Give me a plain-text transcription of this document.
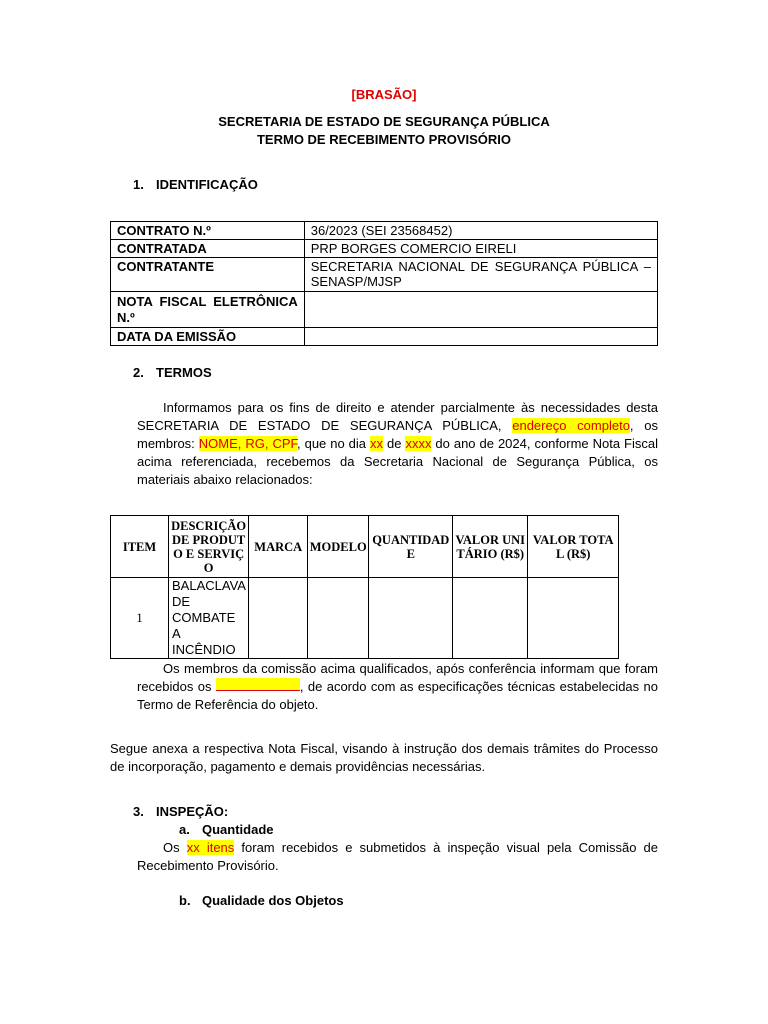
[BRASÃO]
SECRETARIA DE ESTADO DE SEGURANÇA PÚBLICA
TERMO DE RECEBIMENTO PROVISÓRIO
1. IDENTIFICAÇÃO
CONTRATO N.º	36/2023 (SEI 23568452)
CONTRATADA	PRP BORGES COMERCIO EIRELI
CONTRATANTE	SECRETARIA NACIONAL DE SEGURANÇA PÚBLICA – SENASP/MJSP
NOTA FISCAL ELETRÔNICA N.º	
DATA DA EMISSÃO	
2. TERMOS
Informamos para os fins de direito e atender parcialmente às necessidades desta SECRETARIA DE ESTADO DE SEGURANÇA PÚBLICA, endereço completo, os membros: NOME, RG, CPF, que no dia xx de xxxx do ano de 2024, conforme Nota Fiscal acima referenciada, recebemos da Secretaria Nacional de Segurança Pública, os materiais abaixo relacionados:
ITEM	DESCRIÇÃO DE PRODUTO E SERVIÇO	MARCA	MODELO	QUANTIDADE	VALOR UNITÁRIO (R$)	VALOR TOTAL (R$)
1	BALACLAVA DE COMBATE A INCÊNDIO					
Os membros da comissão acima qualificados, após conferência informam que foram recebidos os	, de acordo com as especificações técnicas estabelecidas no Termo de Referência do objeto.
Segue anexa a respectiva Nota Fiscal, visando à instrução dos demais trâmites do Processo de incorporação, pagamento e demais providências necessárias.
3. INSPEÇÃO:
a. Quantidade
Os xx itens foram recebidos e submetidos à inspeção visual pela Comissão de Recebimento Provisório.
b. Qualidade dos Objetos
